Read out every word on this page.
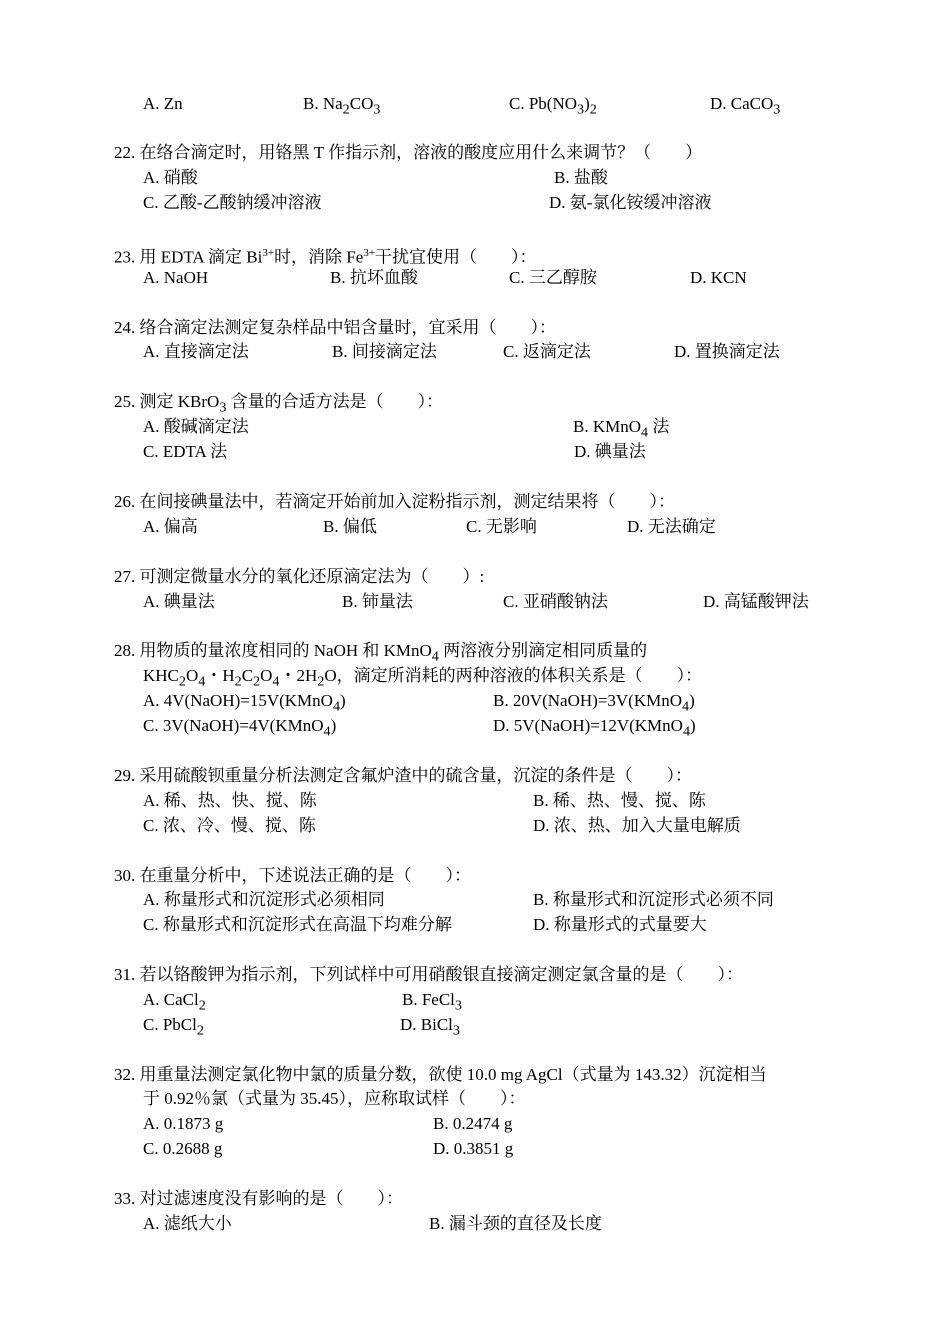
A. Zn	B. $Na_2CO_3$	C. $Pb(NO_3)_2$	D. CaCO$_3$
22. 在络合滴定时，用铬黑 T 作指示剂，溶液的酸度应用什么来调节？（　　）
A. 硝酸	B. 盐酸
C. 乙酸-乙酸钠缓冲溶液	D. 氨-氯化铵缓冲溶液
23. 用 EDTA 滴定 $Bi^{3+}$时，消除 $Fe^{3+}$干扰宜使用（　　）：
A. NaOH	B. 抗坏血酸	C. 三乙醇胺	D. KCN
24. 络合滴定法测定复杂样品中铝含量时，宜采用（　　）：
A. 直接滴定法	B. 间接滴定法	C. 返滴定法	D. 置换滴定法
25. 测定 KBrO$_3$ 含量的合适方法是（　　）：
A. 酸碱滴定法	B. KMnO$_4$ 法
C. EDTA 法	D. 碘量法
26. 在间接碘量法中，若滴定开始前加入淀粉指示剂，测定结果将（　　）：
A. 偏高	B. 偏低	C. 无影响	D. 无法确定
27. 可测定微量水分的氧化还原滴定法为（　　）:
A. 碘量法	B. 铈量法	C. 亚硝酸钠法	D. 高锰酸钾法
28. 用物质的量浓度相同的 NaOH 和 KMnO$_4$ 两溶液分别滴定相同质量的
$KHC_2O_4$・$H_2C_2O_4$・$2H_2O$，滴定所消耗的两种溶液的体积关系是（　　）：
A. 4V(NaOH)=15V(KMnO$_4$)	B. 20V(NaOH)=3V(KMnO$_4$)
C. 3V(NaOH)=4V(KMnO$_4$)	D. 5V(NaOH)=12V(KMnO$_4$)
29. 采用硫酸钡重量分析法测定含氟炉渣中的硫含量，沉淀的条件是（　　）：
A. 稀、热、快、搅、陈	B. 稀、热、慢、搅、陈
C. 浓、冷、慢、搅、陈	D. 浓、热、加入大量电解质
30. 在重量分析中，下述说法正确的是（　　）：
A. 称量形式和沉淀形式必须相同	B. 称量形式和沉淀形式必须不同
C. 称量形式和沉淀形式在高温下均难分解	D. 称量形式的式量要大
31. 若以铬酸钾为指示剂，下列试样中可用硝酸银直接滴定测定氯含量的是（　　）：
A. CaCl$_2$	B. FeCl$_3$
C. PbCl$_2$	D. BiCl$_3$
32. 用重量法测定氯化物中氯的质量分数，欲使 10.0 mg AgCl（式量为 143.32）沉淀相当
于 0.92％氯（式量为 35.45），应称取试样（　　）：
A. 0.1873 g	B. 0.2474 g
C. 0.2688 g	D. 0.3851 g
33. 对过滤速度没有影响的是（　　）：
A. 滤纸大小	B. 漏斗颈的直径及长度
